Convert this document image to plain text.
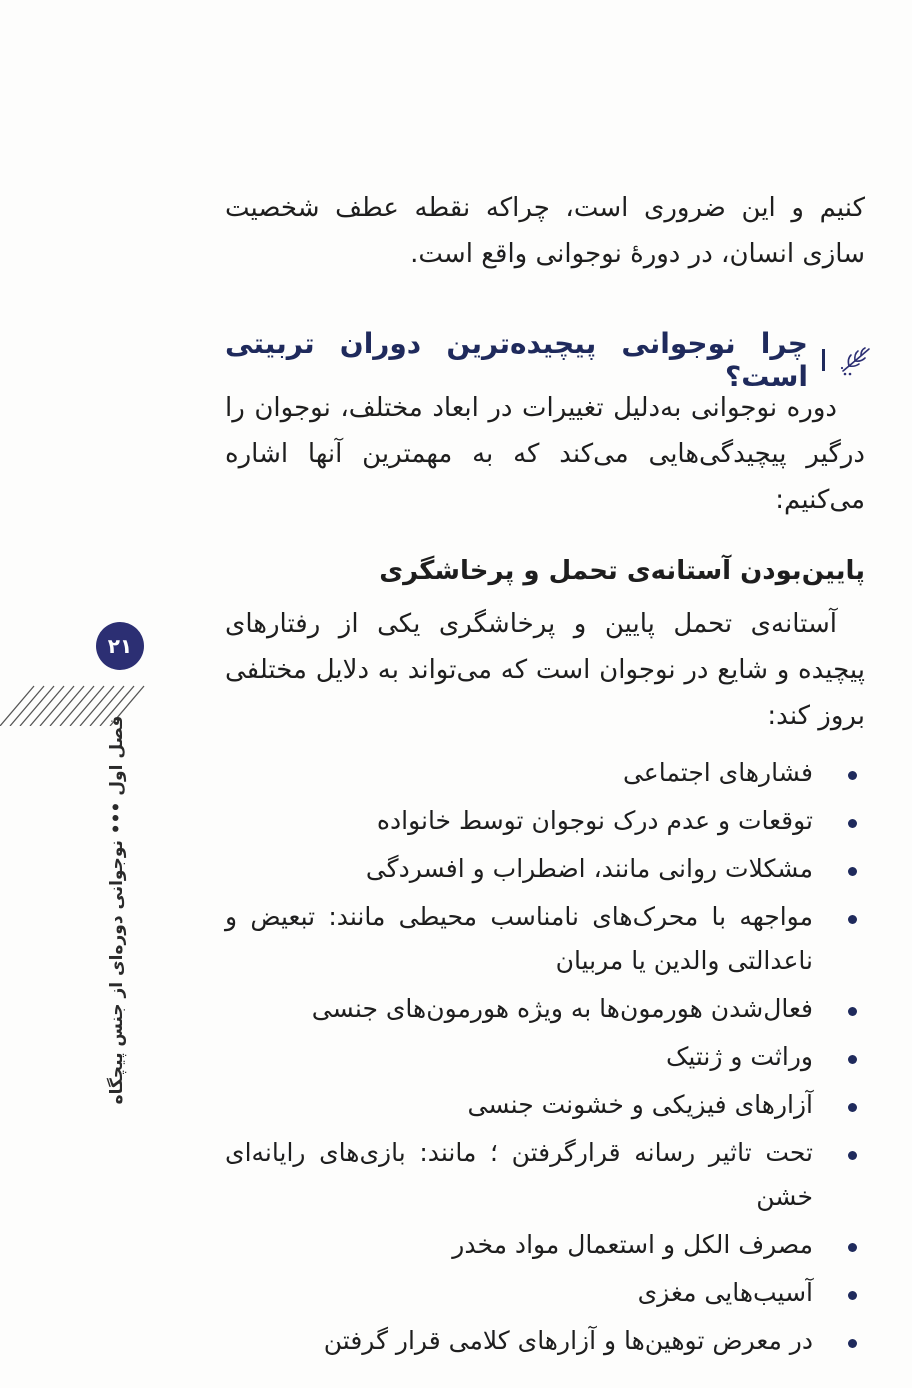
۲۱
فصل اول ••• نوجوانی دوره‌ای از جنس پیچگاه

کنیم و این ضروری است، چراکه نقطه عطف شخصیت سازی انسان، در دورهٔ نوجوانی واقع است.

چرا نوجوانی پیچیده‌ترین دوران تربیتی است؟

دوره نوجوانی به‌دلیل تغییرات در ابعاد مختلف، نوجوان را درگیر پیچیدگی‌هایی می‌کند که به مهمترین آنها اشاره می‌کنیم:

پایین‌بودن آستانه‌ی تحمل و پرخاشگری

آستانه‌ی تحمل پایین و پرخاشگری یکی از رفتارهای پیچیده و شایع در نوجوان است که می‌تواند به دلایل مختلفی بروز کند:

فشارهای اجتماعی
توقعات و عدم درک نوجوان توسط خانواده
مشکلات روانی مانند، اضطراب و افسردگی
مواجهه با محرک‌های نامناسب محیطی مانند: تبعیض و ناعدالتی والدین یا مربیان
فعال‌شدن هورمون‌ها به ویژه هورمون‌های جنسی
وراثت و ژنتیک
آزارهای فیزیکی و خشونت جنسی
تحت تاثیر رسانه قرارگرفتن ؛ مانند: بازی‌های رایانه‌ای خشن
مصرف الکل و استعمال مواد مخدر
آسیب‌هایی مغزی
در معرض توهین‌ها و آزارهای کلامی قرار گرفتن
